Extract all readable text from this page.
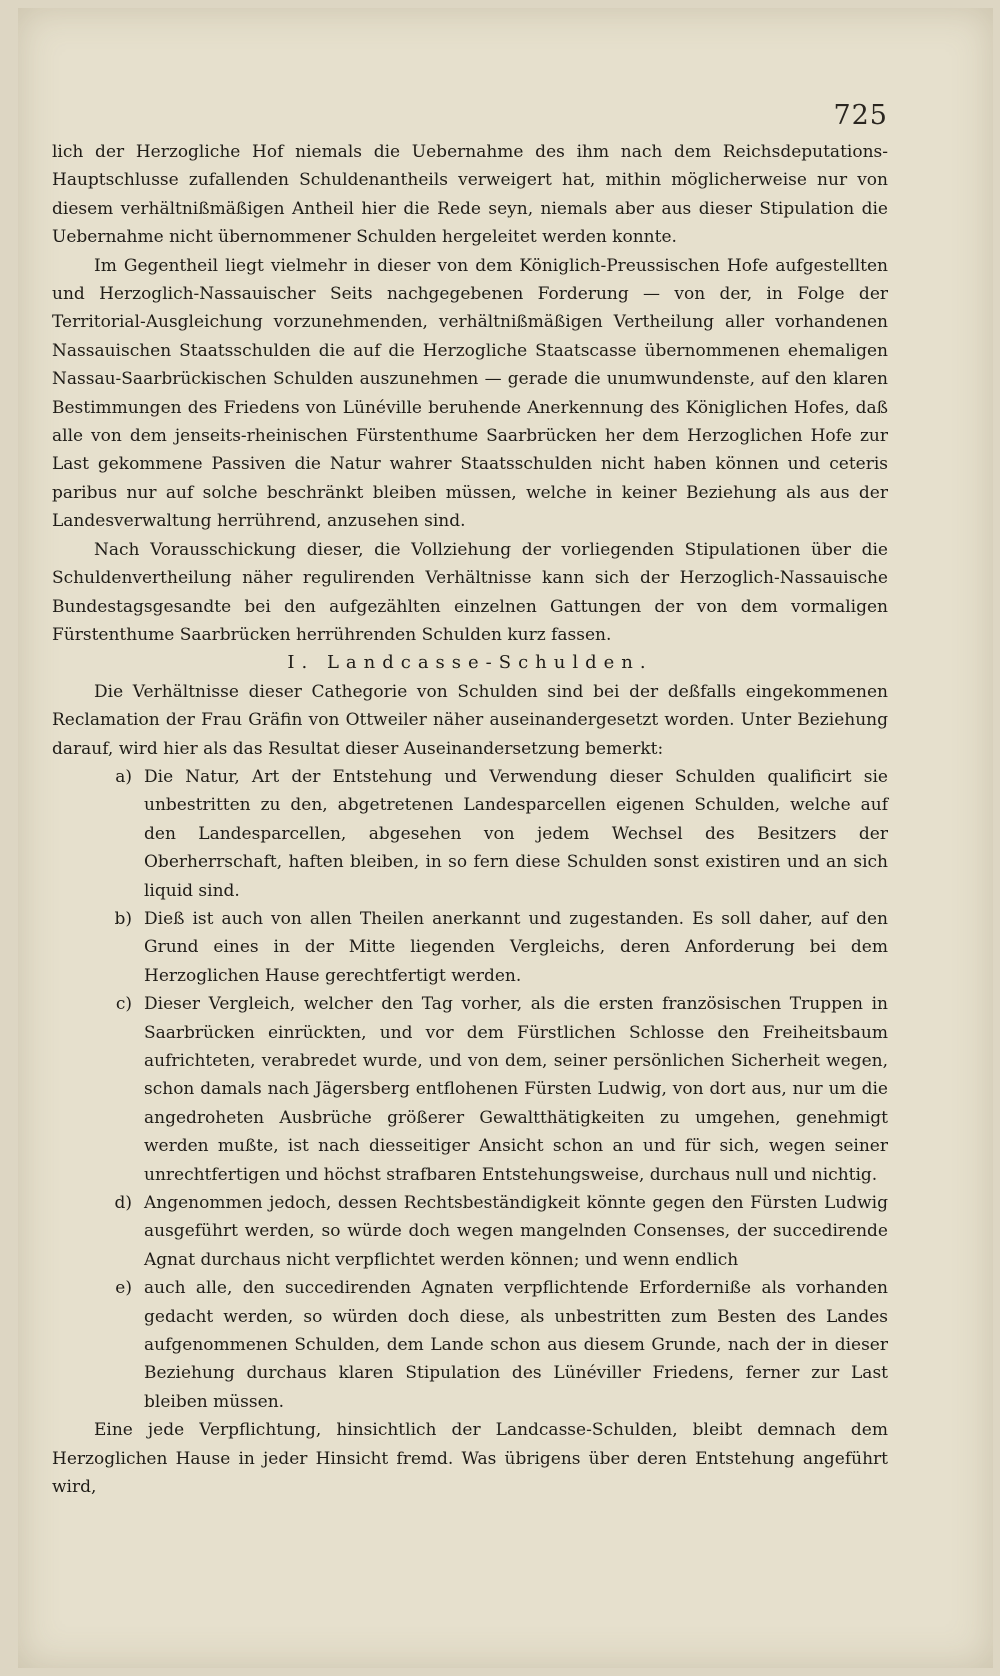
725

lich der Herzogliche Hof niemals die Uebernahme des ihm nach dem Reichsdeputations-Hauptschlusse zufallenden Schuldenantheils verweigert hat, mithin möglicherweise nur von diesem verhältnißmäßigen Antheil hier die Rede seyn, niemals aber aus dieser Stipulation die Uebernahme nicht übernommener Schulden hergeleitet werden konnte.

Im Gegentheil liegt vielmehr in dieser von dem Königlich-Preussischen Hofe aufgestellten und Herzoglich-Nassauischer Seits nachgegebenen Forderung — von der, in Folge der Territorial-Ausgleichung vorzunehmenden, verhältnißmäßigen Vertheilung aller vorhandenen Nassauischen Staatsschulden die auf die Herzogliche Staatscasse übernommenen ehemaligen Nassau-Saarbrückischen Schulden auszunehmen — gerade die unumwundenste, auf den klaren Bestimmungen des Friedens von Lünéville beruhende Anerkennung des Königlichen Hofes, daß alle von dem jenseits-rheinischen Fürstenthume Saarbrücken her dem Herzoglichen Hofe zur Last gekommene Passiven die Natur wahrer Staatsschulden nicht haben können und ceteris paribus nur auf solche beschränkt bleiben müssen, welche in keiner Beziehung als aus der Landesverwaltung herrührend, anzusehen sind.

Nach Vorausschickung dieser, die Vollziehung der vorliegenden Stipulationen über die Schuldenvertheilung näher regulirenden Verhältnisse kann sich der Herzoglich-Nassauische Bundestagsgesandte bei den aufgezählten einzelnen Gattungen der von dem vormaligen Fürstenthume Saarbrücken herrührenden Schulden kurz fassen.

I. Landcasse-Schulden.

Die Verhältnisse dieser Cathegorie von Schulden sind bei der deßfalls eingekommenen Reclamation der Frau Gräfin von Ottweiler näher auseinandergesetzt worden. Unter Beziehung darauf, wird hier als das Resultat dieser Auseinandersetzung bemerkt:

a) Die Natur, Art der Entstehung und Verwendung dieser Schulden qualificirt sie unbestritten zu den, abgetretenen Landesparcellen eigenen Schulden, welche auf den Landesparcellen, abgesehen von jedem Wechsel des Besitzers der Oberherrschaft, haften bleiben, in so fern diese Schulden sonst existiren und an sich liquid sind.
b) Dieß ist auch von allen Theilen anerkannt und zugestanden. Es soll daher, auf den Grund eines in der Mitte liegenden Vergleichs, deren Anforderung bei dem Herzoglichen Hause gerechtfertigt werden.
c) Dieser Vergleich, welcher den Tag vorher, als die ersten französischen Truppen in Saarbrücken einrückten, und vor dem Fürstlichen Schlosse den Freiheitsbaum aufrichteten, verabredet wurde, und von dem, seiner persönlichen Sicherheit wegen, schon damals nach Jägersberg entflohenen Fürsten Ludwig, von dort aus, nur um die angedroheten Ausbrüche größerer Gewaltthätigkeiten zu umgehen, genehmigt werden mußte, ist nach diesseitiger Ansicht schon an und für sich, wegen seiner unrechtfertigen und höchst strafbaren Entstehungsweise, durchaus null und nichtig.
d) Angenommen jedoch, dessen Rechtsbeständigkeit könnte gegen den Fürsten Ludwig ausgeführt werden, so würde doch wegen mangelnden Consenses, der succedirende Agnat durchaus nicht verpflichtet werden können; und wenn endlich
e) auch alle, den succedirenden Agnaten verpflichtende Erforderniße als vorhanden gedacht werden, so würden doch diese, als unbestritten zum Besten des Landes aufgenommenen Schulden, dem Lande schon aus diesem Grunde, nach der in dieser Beziehung durchaus klaren Stipulation des Lünéviller Friedens, ferner zur Last bleiben müssen.

Eine jede Verpflichtung, hinsichtlich der Landcasse-Schulden, bleibt demnach dem Herzoglichen Hause in jeder Hinsicht fremd. Was übrigens über deren Entstehung angeführt wird,
